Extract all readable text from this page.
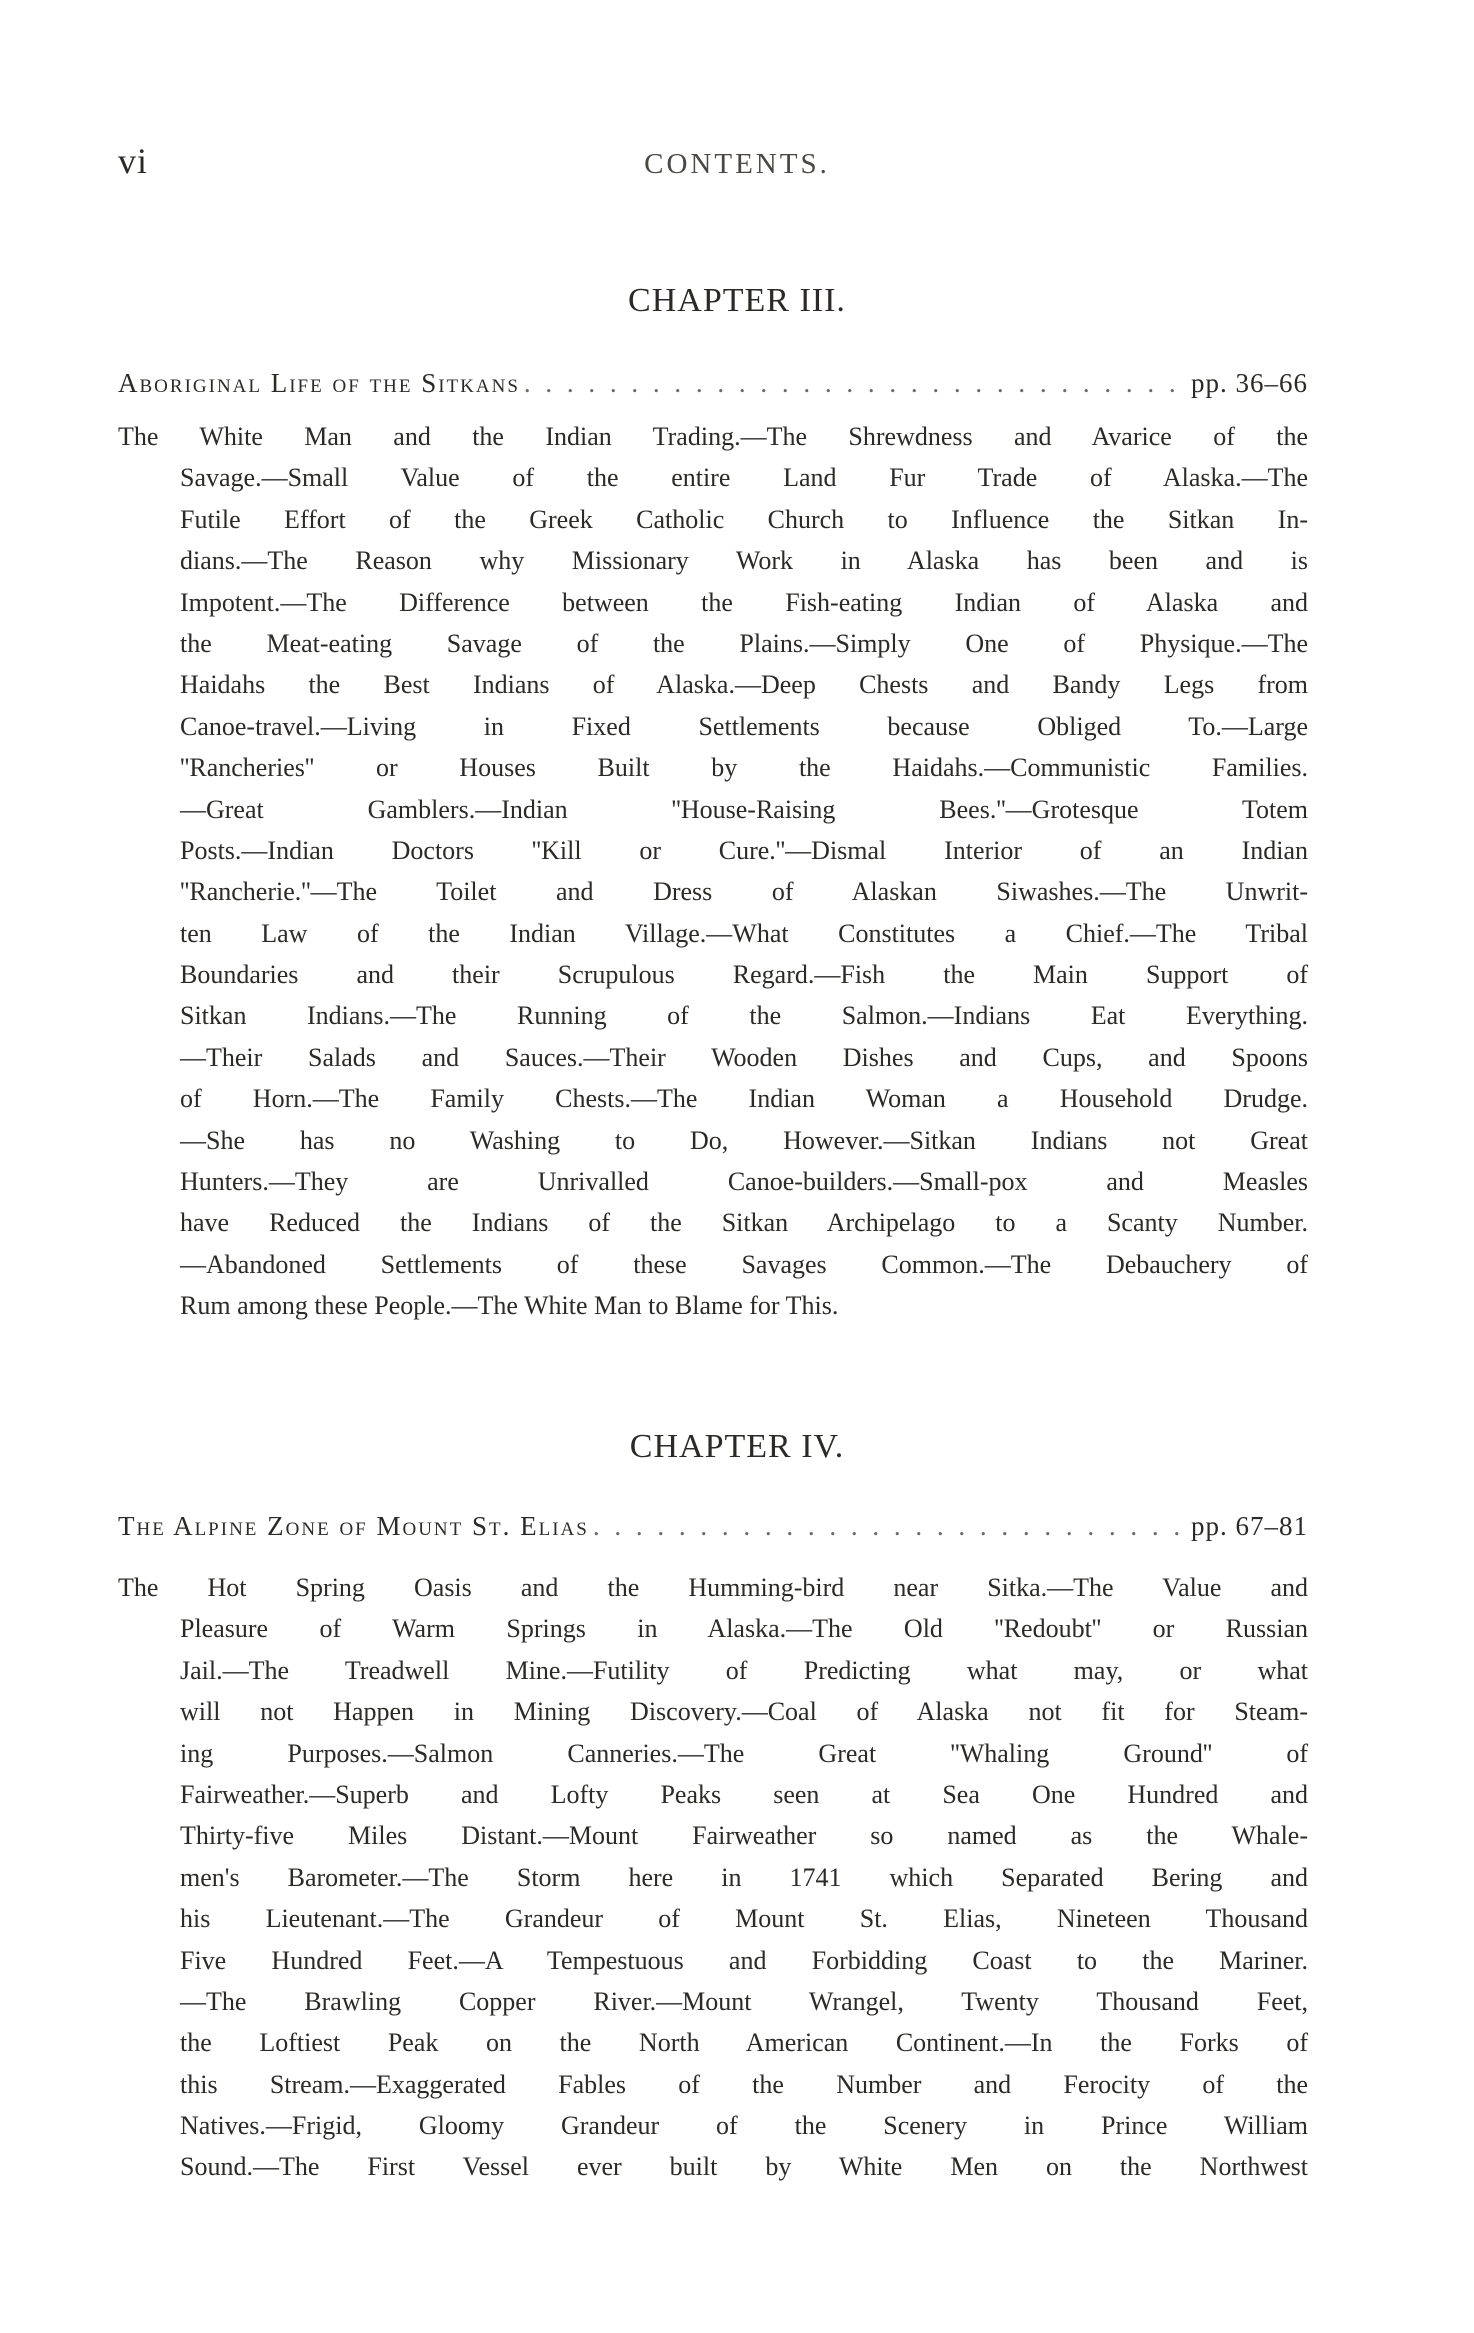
vi	CONTENTS.
CHAPTER III.
Aboriginal Life of the Sitkans . . .	pp. 36–66
The White Man and the Indian Trading.—The Shrewdness and Avarice of the
Savage.—Small Value of the entire Land Fur Trade of Alaska.—The
Futile Effort of the Greek Catholic Church to Influence the Sitkan In-
dians.—The Reason why Missionary Work in Alaska has been and is
Impotent.—The Difference between the Fish-eating Indian of Alaska and
the Meat-eating Savage of the Plains.—Simply One of Physique.—The
Haidahs the Best Indians of Alaska.—Deep Chests and Bandy Legs from
Canoe-travel.—Living in Fixed Settlements because Obliged To.—Large
''Rancheries'' or Houses Built by the Haidahs.—Communistic Families.
—Great Gamblers.—Indian ''House-Raising Bees.''—Grotesque Totem
Posts.—Indian Doctors ''Kill or Cure.''—Dismal Interior of an Indian
''Rancherie.''—The Toilet and Dress of Alaskan Siwashes.—The Unwrit-
ten Law of the Indian Village.—What Constitutes a Chief.—The Tribal
Boundaries and their Scrupulous Regard.—Fish the Main Support of
Sitkan Indians.—The Running of the Salmon.—Indians Eat Everything.
—Their Salads and Sauces.—Their Wooden Dishes and Cups, and Spoons
of Horn.—The Family Chests.—The Indian Woman a Household Drudge.
—She has no Washing to Do, However.—Sitkan Indians not Great
Hunters.—They are Unrivalled Canoe-builders.—Small-pox and Measles
have Reduced the Indians of the Sitkan Archipelago to a Scanty Number.
—Abandoned Settlements of these Savages Common.—The Debauchery of
Rum among these People.—The White Man to Blame for This.
CHAPTER IV.
The Alpine Zone of Mount St. Elias . . .	pp. 67–81
The Hot Spring Oasis and the Humming-bird near Sitka.—The Value and
Pleasure of Warm Springs in Alaska.—The Old ''Redoubt'' or Russian
Jail.—The Treadwell Mine.—Futility of Predicting what may, or what
will not Happen in Mining Discovery.—Coal of Alaska not fit for Steam-
ing Purposes.—Salmon Canneries.—The Great ''Whaling Ground'' of
Fairweather.—Superb and Lofty Peaks seen at Sea One Hundred and
Thirty-five Miles Distant.—Mount Fairweather so named as the Whale-
men's Barometer.—The Storm here in 1741 which Separated Bering and
his Lieutenant.—The Grandeur of Mount St. Elias, Nineteen Thousand
Five Hundred Feet.—A Tempestuous and Forbidding Coast to the Mariner.
—The Brawling Copper River.—Mount Wrangel, Twenty Thousand Feet,
the Loftiest Peak on the North American Continent.—In the Forks of
this Stream.—Exaggerated Fables of the Number and Ferocity of the
Natives.—Frigid, Gloomy Grandeur of the Scenery in Prince William
Sound.—The First Vessel ever built by White Men on the Northwest
